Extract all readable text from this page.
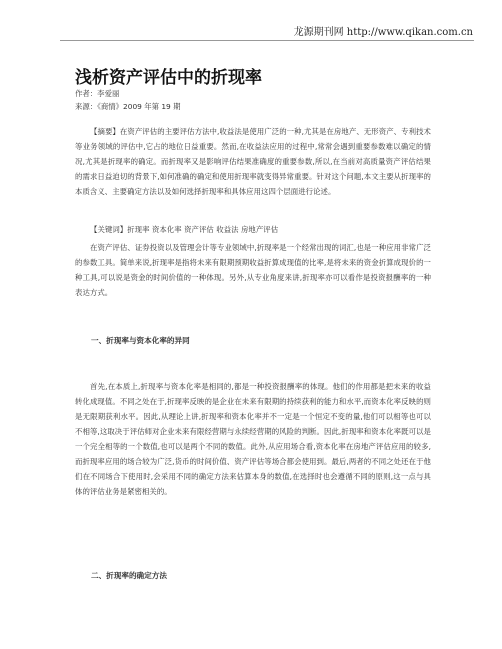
龙源期刊网 http://www.qikan.com.cn
浅析资产评估中的折现率
作者：李爱丽
来源：《商情》2009 年第 19 期

【摘要】在资产评估的主要评估方法中,收益法是使用广泛的一种,尤其是在房地产、无形资产、专利技术等业务领域的评估中,它占的地位日益重要。然而,在收益法应用的过程中,常常会遇到重要参数难以确定的情况,尤其是折现率的确定。而折现率又是影响评估结果准确度的重要参数,所以,在当前对高质量资产评估结果的需求日益迫切的背景下,如何准确的确定和使用折现率就变得异常重要。针对这个问题,本文主要从折现率的本质含义、主要确定方法以及如何选择折现率和具体应用这四个层面进行论述。

【关键词】折现率 资本化率 资产评估 收益法 房地产评估

在资产评估、证券投资以及管理会计等专业领域中,折现率是一个经常出现的词汇,也是一种应用非常广泛的参数工具。简单来说,折现率是指将未来有限期预期收益折算成现值的比率,是将未来的资金折算成现价的一种工具,可以说是资金的时间价值的一种体现。另外,从专业角度来讲,折现率亦可以看作是投资报酬率的一种表达方式。

一、折现率与资本化率的异同

首先,在本质上,折现率与资本化率是相同的,都是一种投资报酬率的体现。他们的作用都是把未来的收益转化成现值。不同之处在于,折现率反映的是企业在未来有限期的持续获利的能力和水平,而资本化率反映的则是无限期获利水平。因此,从理论上讲,折现率和资本化率并不一定是一个恒定不变的量,他们可以相等也可以不相等,这取决于评估师对企业未来有限经营期与永续经营期的风险的判断。因此,折现率和资本化率既可以是一个完全相等的一个数值,也可以是两个不同的数值。此外,从应用场合看,资本化率在房地产评估应用的较多,而折现率应用的场合较为广泛,货币的时间价值、资产评估等场合都会使用到。最后,两者的不同之处还在于他们在不同场合下使用时,会采用不同的确定方法来估算本身的数值,在选择时也会遵循不同的原则,这一点与具体的评估业务是紧密相关的。

二、折现率的确定方法
